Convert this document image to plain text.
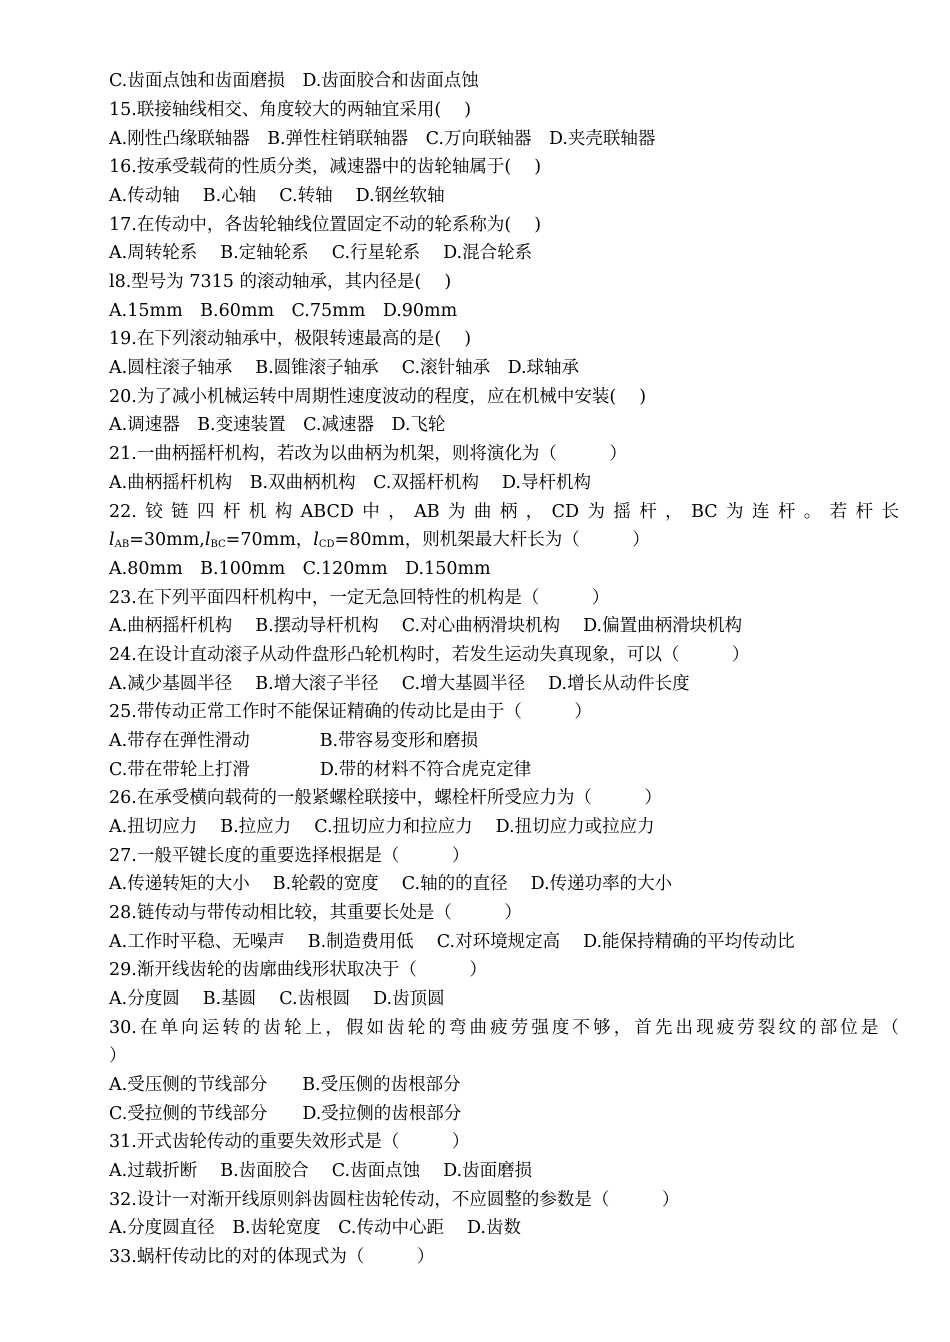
C.齿面点蚀和齿面磨损　D.齿面胶合和齿面点蚀
15.联接轴线相交、角度较大的两轴宜采用(　 )
A.刚性凸缘联轴器　B.弹性柱销联轴器　C.万向联轴器　D.夹壳联轴器
16.按承受载荷的性质分类，减速器中的齿轮轴属于(　 )
A.传动轴　 B.心轴　 C.转轴　 D.钢丝软轴
17.在传动中，各齿轮轴线位置固定不动的轮系称为(　 )
A.周转轮系　 B.定轴轮系　 C.行星轮系　 D.混合轮系
l8.型号为 7315 的滚动轴承，其内径是(　 )
A.15mm　B.60mm　C.75mm　D.90mm
19.在下列滚动轴承中，极限转速最高的是(　 )
A.圆柱滚子轴承　 B.圆锥滚子轴承　 C.滚针轴承　D.球轴承
20.为了减小机械运转中周期性速度波动的程度，应在机械中安装(　 )
A.调速器　B.变速装置　C.减速器　D.飞轮
21.一曲柄摇杆机构，若改为以曲柄为机架，则将演化为（　　　）
A.曲柄摇杆机构　B.双曲柄机构　C.双摇杆机构　 D.导杆机构
22.铰链四杆机构ABCD中，AB为曲柄，CD为摇杆，BC为连杆。若杆长
$l_{AB}=30mm,l_{BC}=70mm$，$l_{CD}=80mm$，则机架最大杆长为（　　　）
A.80mm　B.100mm　C.120mm　D.150mm
23.在下列平面四杆机构中，一定无急回特性的机构是（　　　）
A.曲柄摇杆机构　 B.摆动导杆机构　 C.对心曲柄滑块机构　 D.偏置曲柄滑块机构
24.在设计直动滚子从动件盘形凸轮机构时，若发生运动失真现象，可以（　　　）
A.减少基圆半径　 B.增大滚子半径　 C.增大基圆半径　 D.增长从动件长度
25.带传动正常工作时不能保证精确的传动比是由于（　　　）
A.带存在弹性滑动　　　　B.带容易变形和磨损
C.带在带轮上打滑　　　　D.带的材料不符合虎克定律
26.在承受横向载荷的一般紧螺栓联接中，螺栓杆所受应力为（　　　）
A.扭切应力　 B.拉应力　 C.扭切应力和拉应力　 D.扭切应力或拉应力
27.一般平键长度的重要选择根据是（　　　）
A.传递转矩的大小　 B.轮毂的宽度　 C.轴的的直径　 D.传递功率的大小
28.链传动与带传动相比较，其重要长处是（　　　）
A.工作时平稳、无噪声　 B.制造费用低　 C.对环境规定高　 D.能保持精确的平均传动比
29.渐开线齿轮的齿廓曲线形状取决于（　　　）
A.分度圆　 B.基圆　 C.齿根圆　 D.齿顶圆
30.在单向运转的齿轮上，假如齿轮的弯曲疲劳强度不够，首先出现疲劳裂纹的部位是（
）
A.受压侧的节线部分　　B.受压侧的齿根部分
C.受拉侧的节线部分　　D.受拉侧的齿根部分
31.开式齿轮传动的重要失效形式是（　　　）
A.过载折断　 B.齿面胶合　 C.齿面点蚀　 D.齿面磨损
32.设计一对渐开线原则斜齿圆柱齿轮传动，不应圆整的参数是（　　　）
A.分度圆直径　B.齿轮宽度　C.传动中心距　 D.齿数
33.蜗杆传动比的对的体现式为（　　　）
